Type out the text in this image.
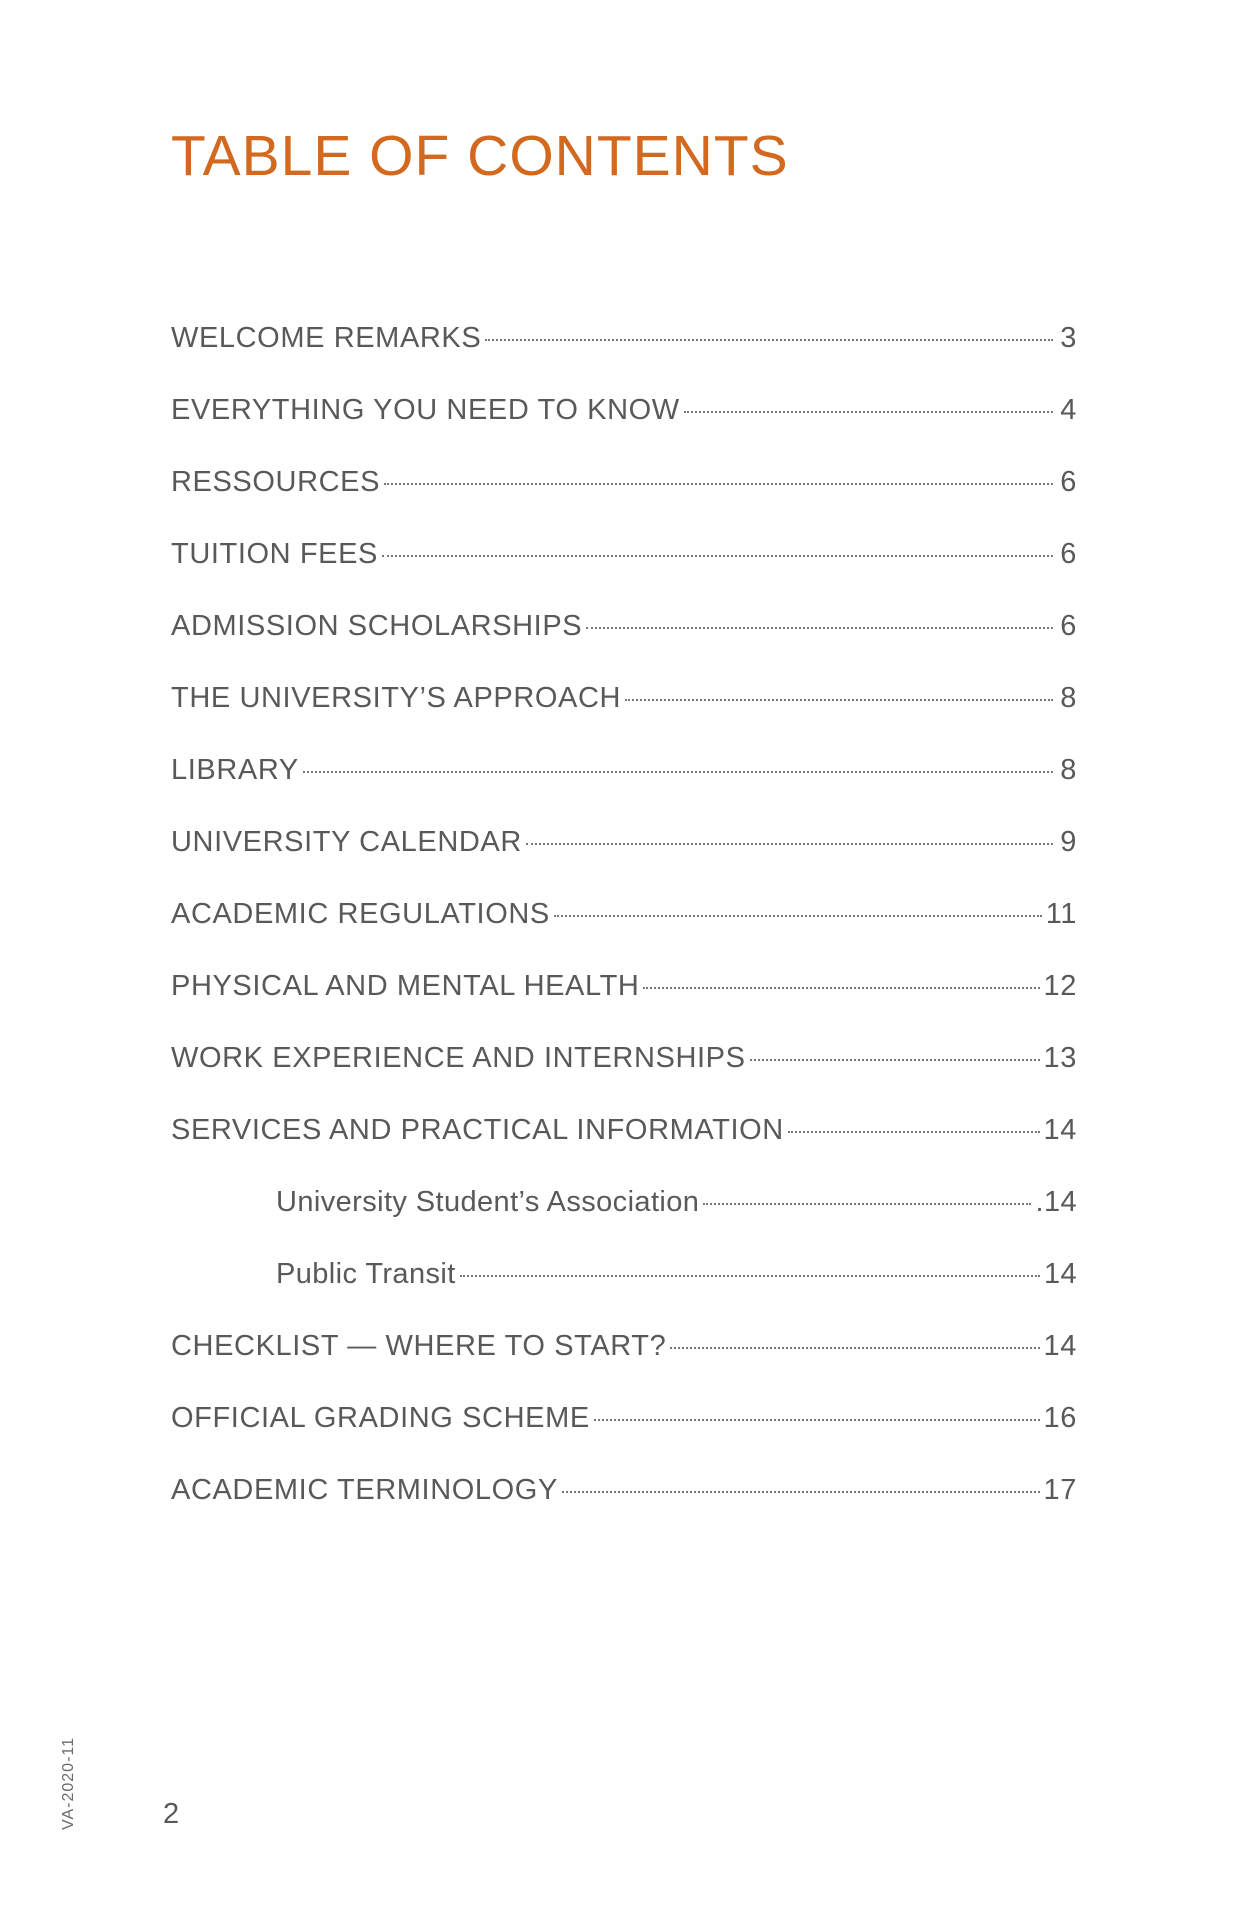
TABLE OF CONTENTS
WELCOME REMARKS	3
EVERYTHING YOU NEED TO KNOW	4
RESSOURCES	6
TUITION FEES	6
ADMISSION SCHOLARSHIPS	6
THE UNIVERSITY’S APPROACH	8
LIBRARY	8
UNIVERSITY CALENDAR	9
ACADEMIC REGULATIONS	11
PHYSICAL AND MENTAL HEALTH	12
WORK EXPERIENCE AND INTERNSHIPS	13
SERVICES AND PRACTICAL INFORMATION	14
University Student’s Association	.14
Public Transit	14
CHECKLIST — WHERE TO START?	14
OFFICIAL GRADING SCHEME	16
ACADEMIC TERMINOLOGY	17
VA-2020-11	2
